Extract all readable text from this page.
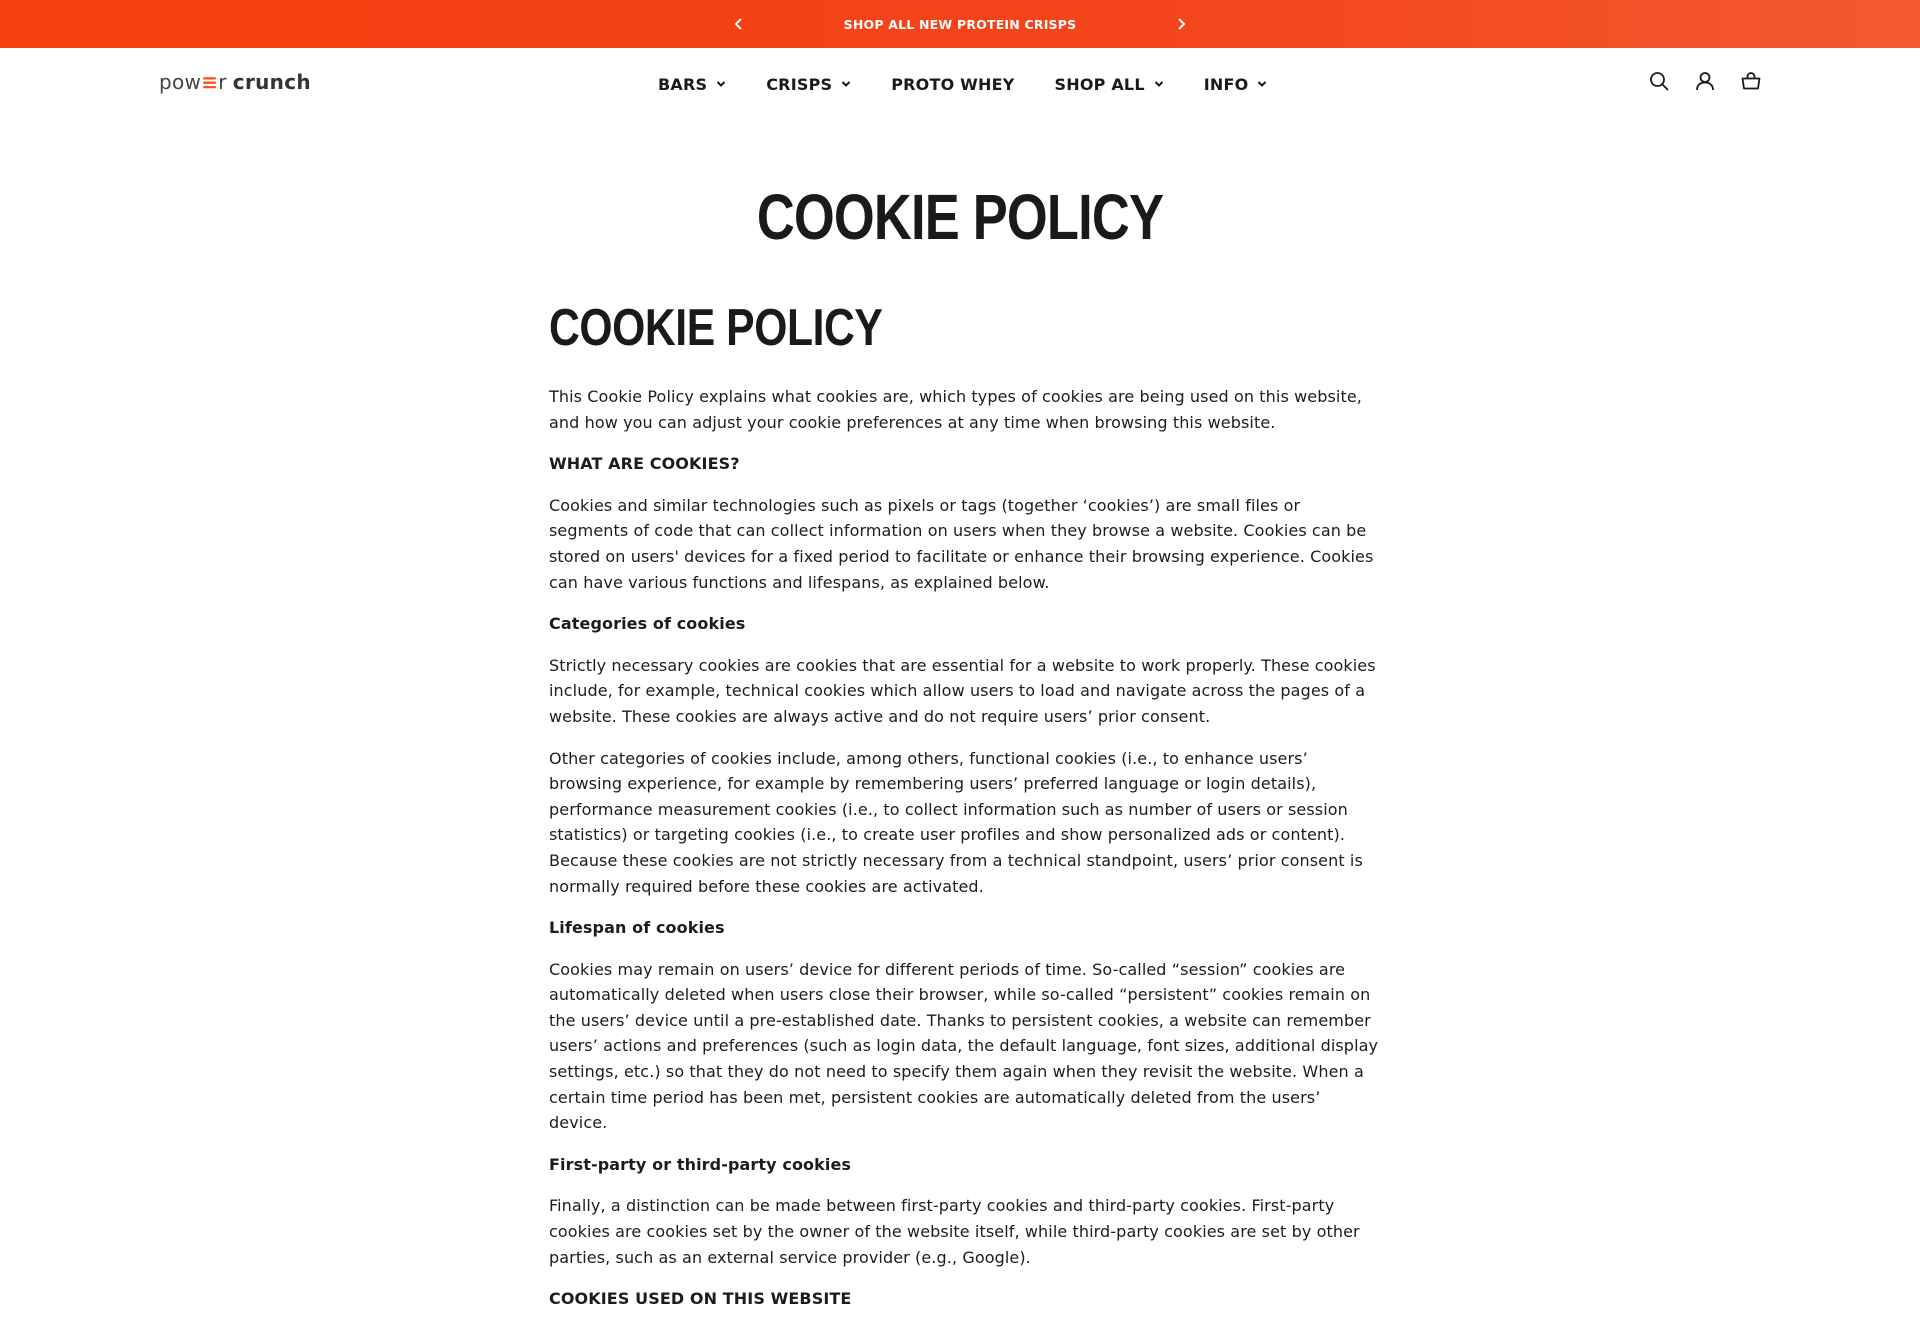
SHOP ALL NEW PROTEIN CRISPS
pow ≡ r crunch	BARS	CRISPS	PROTO WHEY	SHOP ALL	INFO
COOKIE POLICY
COOKIE POLICY

This Cookie Policy explains what cookies are, which types of cookies are being used on this website, and how you can adjust your cookie preferences at any time when browsing this website.

WHAT ARE COOKIES?

Cookies and similar technologies such as pixels or tags (together ‘cookies’) are small files or segments of code that can collect information on users when they browse a website. Cookies can be stored on users' devices for a fixed period to facilitate or enhance their browsing experience. Cookies can have various functions and lifespans, as explained below.

Categories of cookies

Strictly necessary cookies are cookies that are essential for a website to work properly. These cookies include, for example, technical cookies which allow users to load and navigate across the pages of a website. These cookies are always active and do not require users’ prior consent.

Other categories of cookies include, among others, functional cookies (i.e., to enhance users’ browsing experience, for example by remembering users’ preferred language or login details), performance measurement cookies (i.e., to collect information such as number of users or session statistics) or targeting cookies (i.e., to create user profiles and show personalized ads or content). Because these cookies are not strictly necessary from a technical standpoint, users’ prior consent is normally required before these cookies are activated.

Lifespan of cookies

Cookies may remain on users’ device for different periods of time. So-called “session” cookies are automatically deleted when users close their browser, while so-called “persistent” cookies remain on the users’ device until a pre-established date. Thanks to persistent cookies, a website can remember users’ actions and preferences (such as login data, the default language, font sizes, additional display settings, etc.) so that they do not need to specify them again when they revisit the website. When a certain time period has been met, persistent cookies are automatically deleted from the users’ device.

First-party or third-party cookies

Finally, a distinction can be made between first-party cookies and third-party cookies. First-party cookies are cookies set by the owner of the website itself, while third-party cookies are set by other parties, such as an external service provider (e.g., Google).

COOKIES USED ON THIS WEBSITE
